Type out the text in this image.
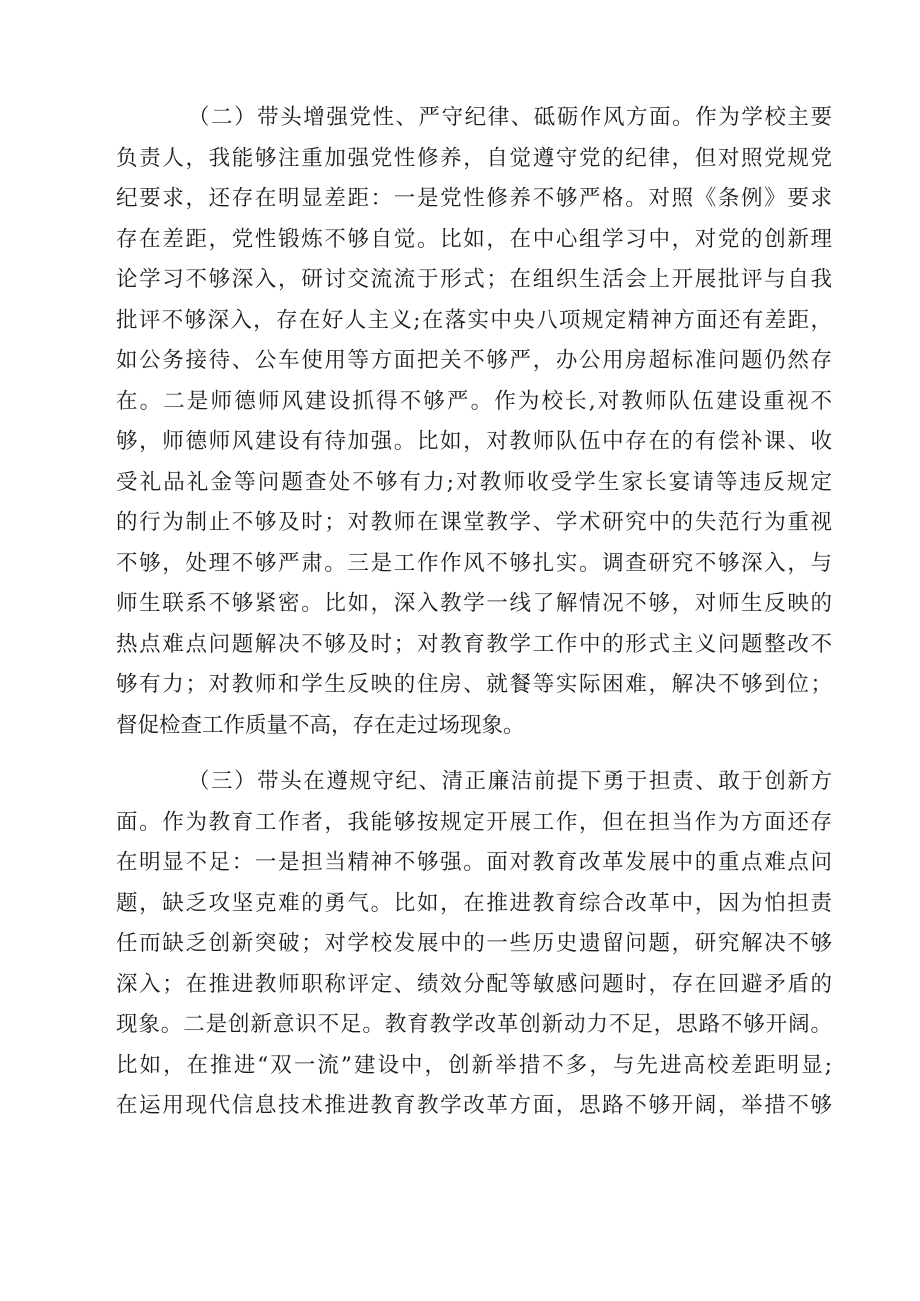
（二）带头增强党性、严守纪律、砥砺作风方面。作为学校主要
负责人，我能够注重加强党性修养，自觉遵守党的纪律，但对照党规党
纪要求，还存在明显差距：一是党性修养不够严格。对照《条例》要求
存在差距，党性锻炼不够自觉。比如，在中心组学习中，对党的创新理
论学习不够深入，研讨交流流于形式；在组织生活会上开展批评与自我
批评不够深入，存在好人主义;在落实中央八项规定精神方面还有差距，
如公务接待、公车使用等方面把关不够严，办公用房超标准问题仍然存
在。二是师德师风建设抓得不够严。作为校长,对教师队伍建设重视不
够，师德师风建设有待加强。比如，对教师队伍中存在的有偿补课、收
受礼品礼金等问题查处不够有力;对教师收受学生家长宴请等违反规定
的行为制止不够及时；对教师在课堂教学、学术研究中的失范行为重视
不够，处理不够严肃。三是工作作风不够扎实。调查研究不够深入，与
师生联系不够紧密。比如，深入教学一线了解情况不够，对师生反映的
热点难点问题解决不够及时；对教育教学工作中的形式主义问题整改不
够有力；对教师和学生反映的住房、就餐等实际困难，解决不够到位；
督促检查工作质量不高，存在走过场现象。
（三）带头在遵规守纪、清正廉洁前提下勇于担责、敢于创新方
面。作为教育工作者，我能够按规定开展工作，但在担当作为方面还存
在明显不足：一是担当精神不够强。面对教育改革发展中的重点难点问
题，缺乏攻坚克难的勇气。比如，在推进教育综合改革中，因为怕担责
任而缺乏创新突破；对学校发展中的一些历史遗留问题，研究解决不够
深入；在推进教师职称评定、绩效分配等敏感问题时，存在回避矛盾的
现象。二是创新意识不足。教育教学改革创新动力不足，思路不够开阔。
比如，在推进“双一流”建设中，创新举措不多，与先进高校差距明显;
在运用现代信息技术推进教育教学改革方面，思路不够开阔，举措不够
